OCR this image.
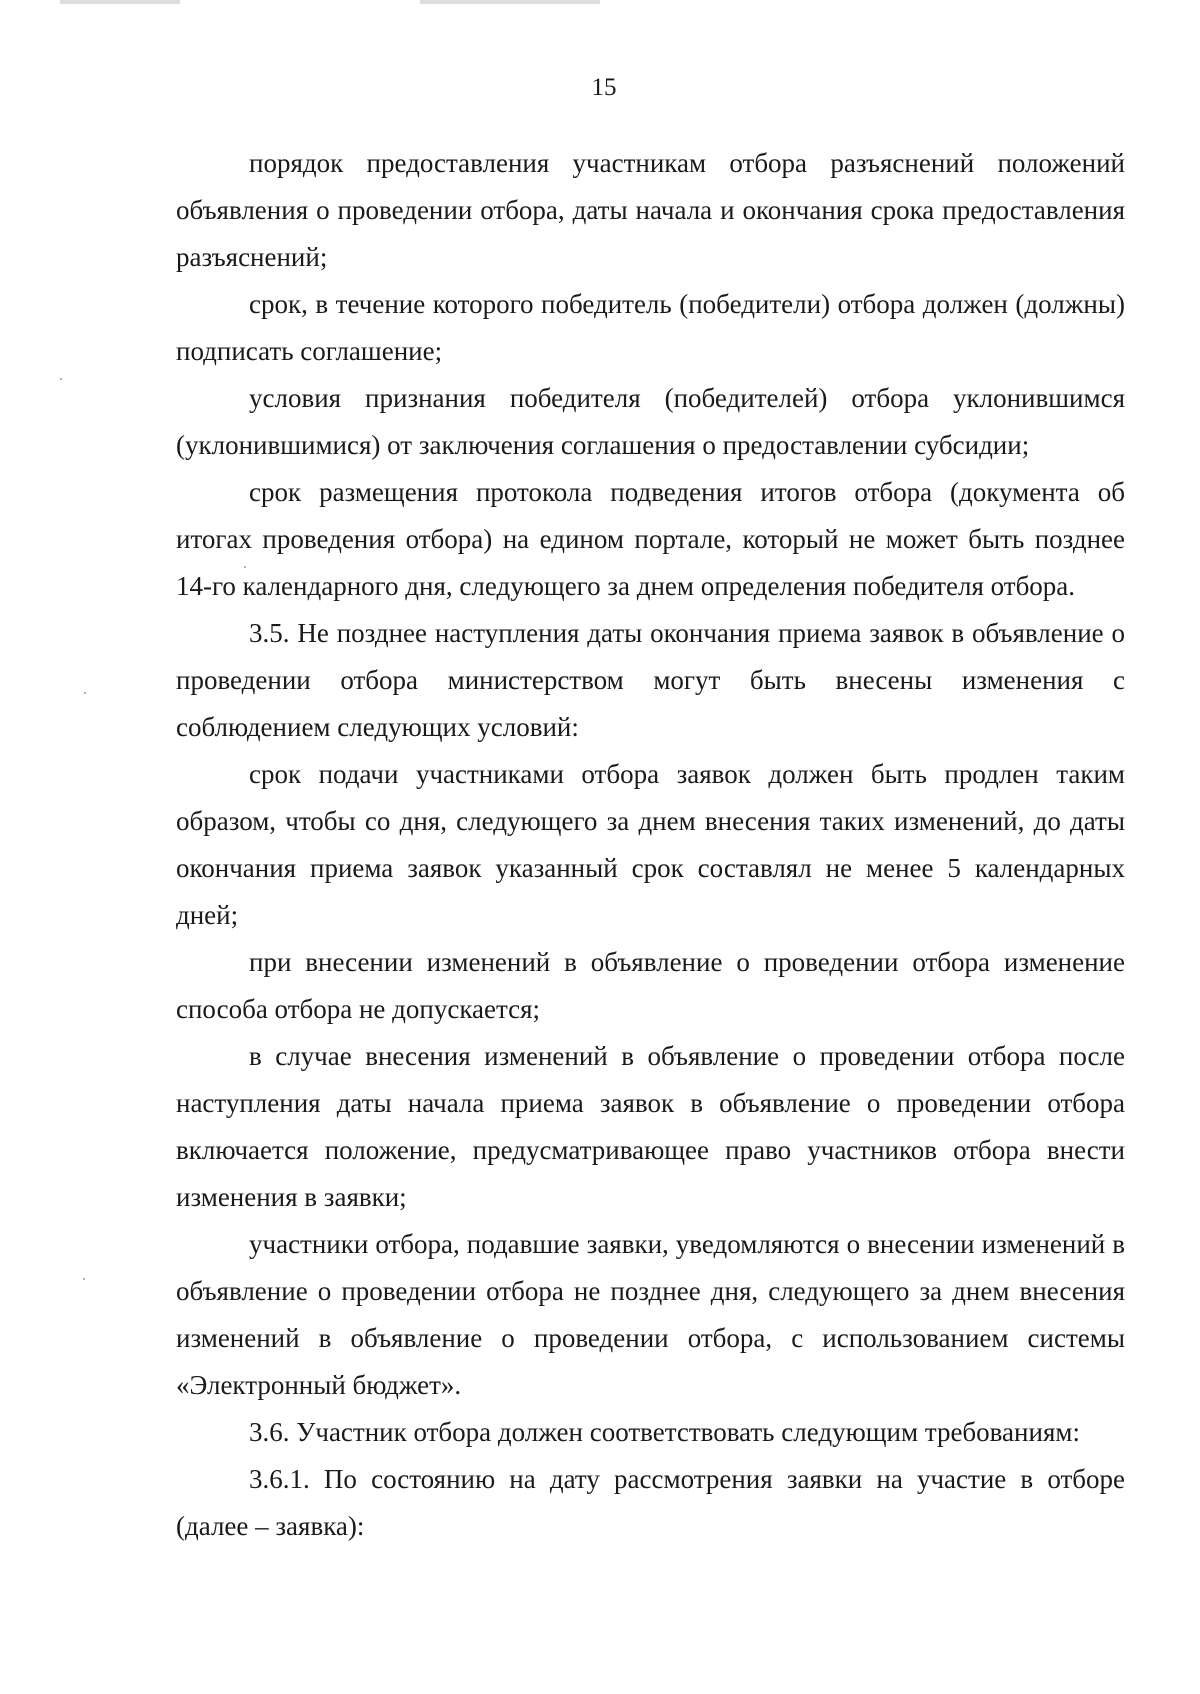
15

порядок предоставления участникам отбора разъяснений положений объявления о проведении отбора, даты начала и окончания срока предоставления разъяснений;

срок, в течение которого победитель (победители) отбора должен (должны) подписать соглашение;

условия признания победителя (победителей) отбора уклонившимся (уклонившимися) от заключения соглашения о предоставлении субсидии;

срок размещения протокола подведения итогов отбора (документа об итогах проведения отбора) на едином портале, который не может быть позднее 14-го календарного дня, следующего за днем определения победителя отбора.

3.5. Не позднее наступления даты окончания приема заявок в объявление о проведении отбора министерством могут быть внесены изменения с соблюдением следующих условий:

срок подачи участниками отбора заявок должен быть продлен таким образом, чтобы со дня, следующего за днем внесения таких изменений, до даты окончания приема заявок указанный срок составлял не менее 5 календарных дней;

при внесении изменений в объявление о проведении отбора изменение способа отбора не допускается;

в случае внесения изменений в объявление о проведении отбора после наступления даты начала приема заявок в объявление о проведении отбора включается положение, предусматривающее право участников отбора внести изменения в заявки;

участники отбора, подавшие заявки, уведомляются о внесении изменений в объявление о проведении отбора не позднее дня, следующего за днем внесения изменений в объявление о проведении отбора, с использованием системы «Электронный бюджет».

3.6. Участник отбора должен соответствовать следующим требованиям:

3.6.1. По состоянию на дату рассмотрения заявки на участие в отборе (далее – заявка):
